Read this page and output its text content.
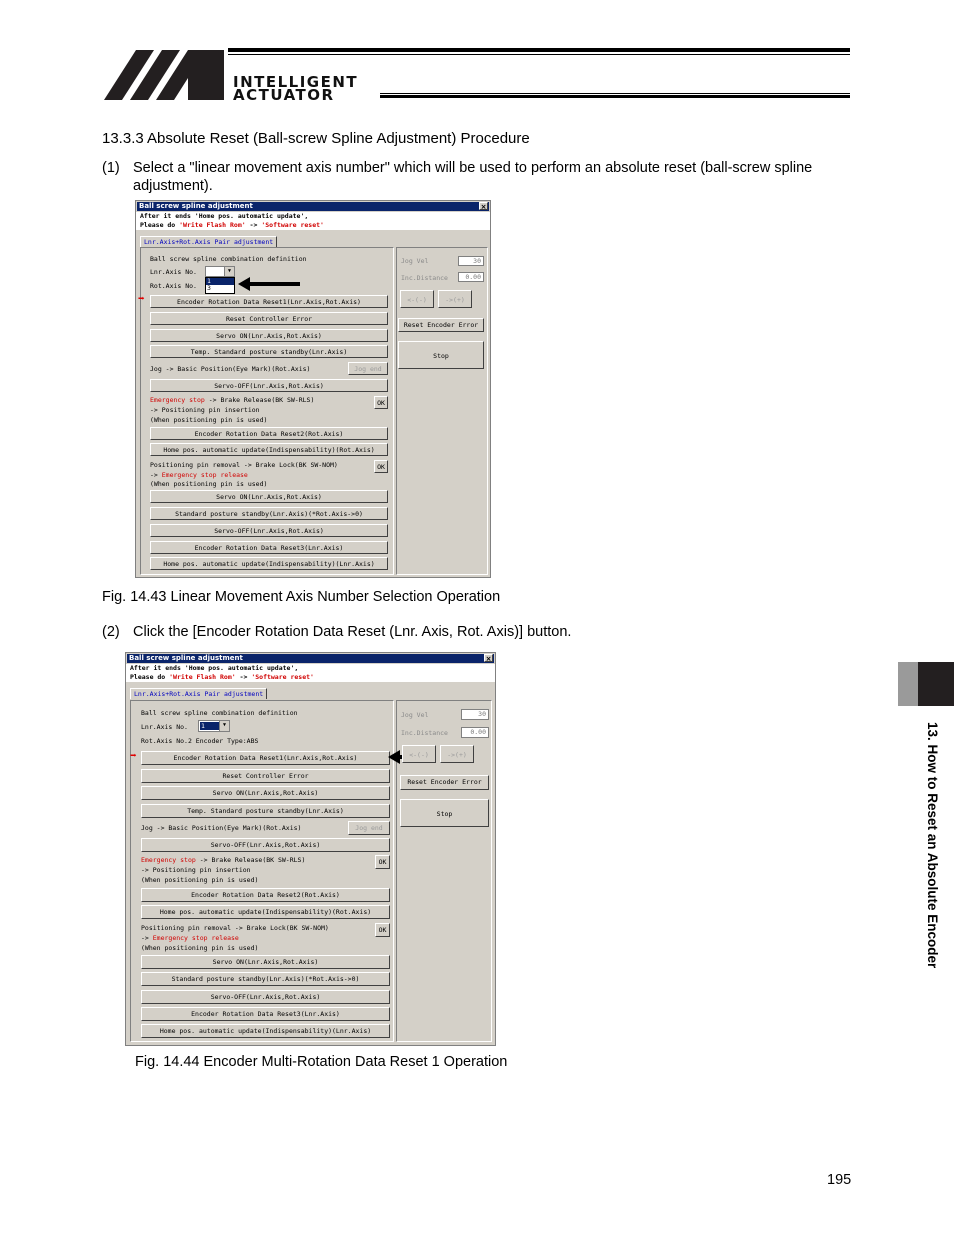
INTELLIGENT
ACTUATOR
13.3.3 Absolute Reset (Ball-screw Spline Adjustment) Procedure
(1) Select a "linear movement axis number" which will be used to perform an absolute reset (ball-screw spline adjustment).
Ball screw spline adjustment	×
After it ends 'Home pos. automatic update',
Please do 'Write Flash Rom' -> 'Software reset'
Lnr.Axis+Rot.Axis Pair adjustment
Ball screw spline combination definition
Lnr.Axis No.	▼
1
3
Rot.Axis No.
➡	Encoder Rotation Data Reset1(Lnr.Axis,Rot.Axis)
Reset Controller Error
Servo ON(Lnr.Axis,Rot.Axis)
Temp. Standard posture standby(Lnr.Axis)
Jog -> Basic Position(Eye Mark)(Rot.Axis)	Jog end
Servo-OFF(Lnr.Axis,Rot.Axis)
Emergency stop -> Brake Release(BK SW-RLS)
-> Positioning pin insertion
(When positioning pin is used)
OK
Encoder Rotation Data Reset2(Rot.Axis)
Home pos. automatic update(Indispensability)(Rot.Axis)
Positioning pin removal -> Brake Lock(BK SW-NOM)
-> Emergency stop release
(When positioning pin is used)
OK
Servo ON(Lnr.Axis,Rot.Axis)
Standard posture standby(Lnr.Axis)(*Rot.Axis->0)
Servo-OFF(Lnr.Axis,Rot.Axis)
Encoder Rotation Data Reset3(Lnr.Axis)
Home pos. automatic update(Indispensability)(Lnr.Axis)
Jog Vel	30
Inc.Distance	0.00
<-(-)	->(+)
Reset Encoder Error
Stop
Fig. 14.43 Linear Movement Axis Number Selection Operation
(2) Click the [Encoder Rotation Data Reset (Lnr. Axis, Rot. Axis)] button.
Ball screw spline adjustment	×
After it ends 'Home pos. automatic update',
Please do 'Write Flash Rom' -> 'Software reset'
Lnr.Axis+Rot.Axis Pair adjustment
Ball screw spline combination definition
Lnr.Axis No. 1	▼
Rot.Axis No.2 Encoder Type:ABS
➡	Encoder Rotation Data Reset1(Lnr.Axis,Rot.Axis)
Reset Controller Error
Servo ON(Lnr.Axis,Rot.Axis)
Temp. Standard posture standby(Lnr.Axis)
Jog -> Basic Position(Eye Mark)(Rot.Axis)	Jog end
Servo-OFF(Lnr.Axis,Rot.Axis)
Emergency stop -> Brake Release(BK SW-RLS)
-> Positioning pin insertion
(When positioning pin is used)
OK
Encoder Rotation Data Reset2(Rot.Axis)
Home pos. automatic update(Indispensability)(Rot.Axis)
Positioning pin removal -> Brake Lock(BK SW-NOM)
-> Emergency stop release
(When positioning pin is used)
OK
Servo ON(Lnr.Axis,Rot.Axis)
Standard posture standby(Lnr.Axis)(*Rot.Axis->0)
Servo-OFF(Lnr.Axis,Rot.Axis)
Encoder Rotation Data Reset3(Lnr.Axis)
Home pos. automatic update(Indispensability)(Lnr.Axis)
Jog Vel	30
Inc.Distance	0.00
<-(-)	->(+)
Reset Encoder Error
Stop
Fig. 14.44 Encoder Multi-Rotation Data Reset 1 Operation
13. How to Reset an Absolute Encoder
195
